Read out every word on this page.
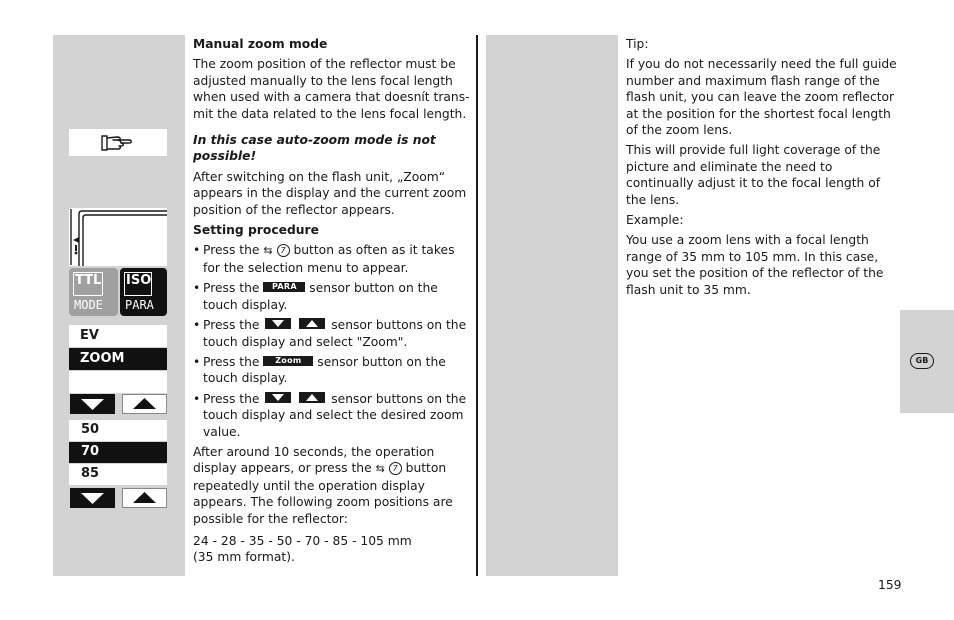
TTL
MODE
ISO
PARA
EV
ZOOM
50
70
85

Manual zoom mode

The zoom position of the reflector must be adjusted manually to the lens focal length when used with a camera that doesnít trans-mit the data related to the lens focal length.

In this case auto-zoom mode is not possible!

After switching on the flash unit, „Zoom“ appears in the display and the current zoom position of the reflector appears.

Setting procedure

• Press the ⇆ 7 button as often as it takes for the selection menu to appear.
• Press the PARA sensor button on the touch display.
• Press the
	sensor buttons on the touch display and select "Zoom".
• Press the Zoom sensor button on the touch display.
• Press the
	sensor buttons on the touch display and select the desired zoom value.

After around 10 seconds, the operation display appears, or press the ⇆ 7 button repeatedly until the operation display appears. The following zoom positions are possible for the reflector:

24 - 28 - 35 - 50 - 70 - 85 - 105 mm
(35 mm format).

Tip:

If you do not necessarily need the full guide number and maximum flash range of the flash unit, you can leave the zoom reflector at the position for the shortest focal length of the zoom lens.

This will provide full light coverage of the picture and eliminate the need to continually adjust it to the focal length of the lens.

Example:

You use a zoom lens with a focal length range of 35 mm to 105 mm. In this case, you set the position of the reflector of the flash unit to 35 mm.

GB
159
